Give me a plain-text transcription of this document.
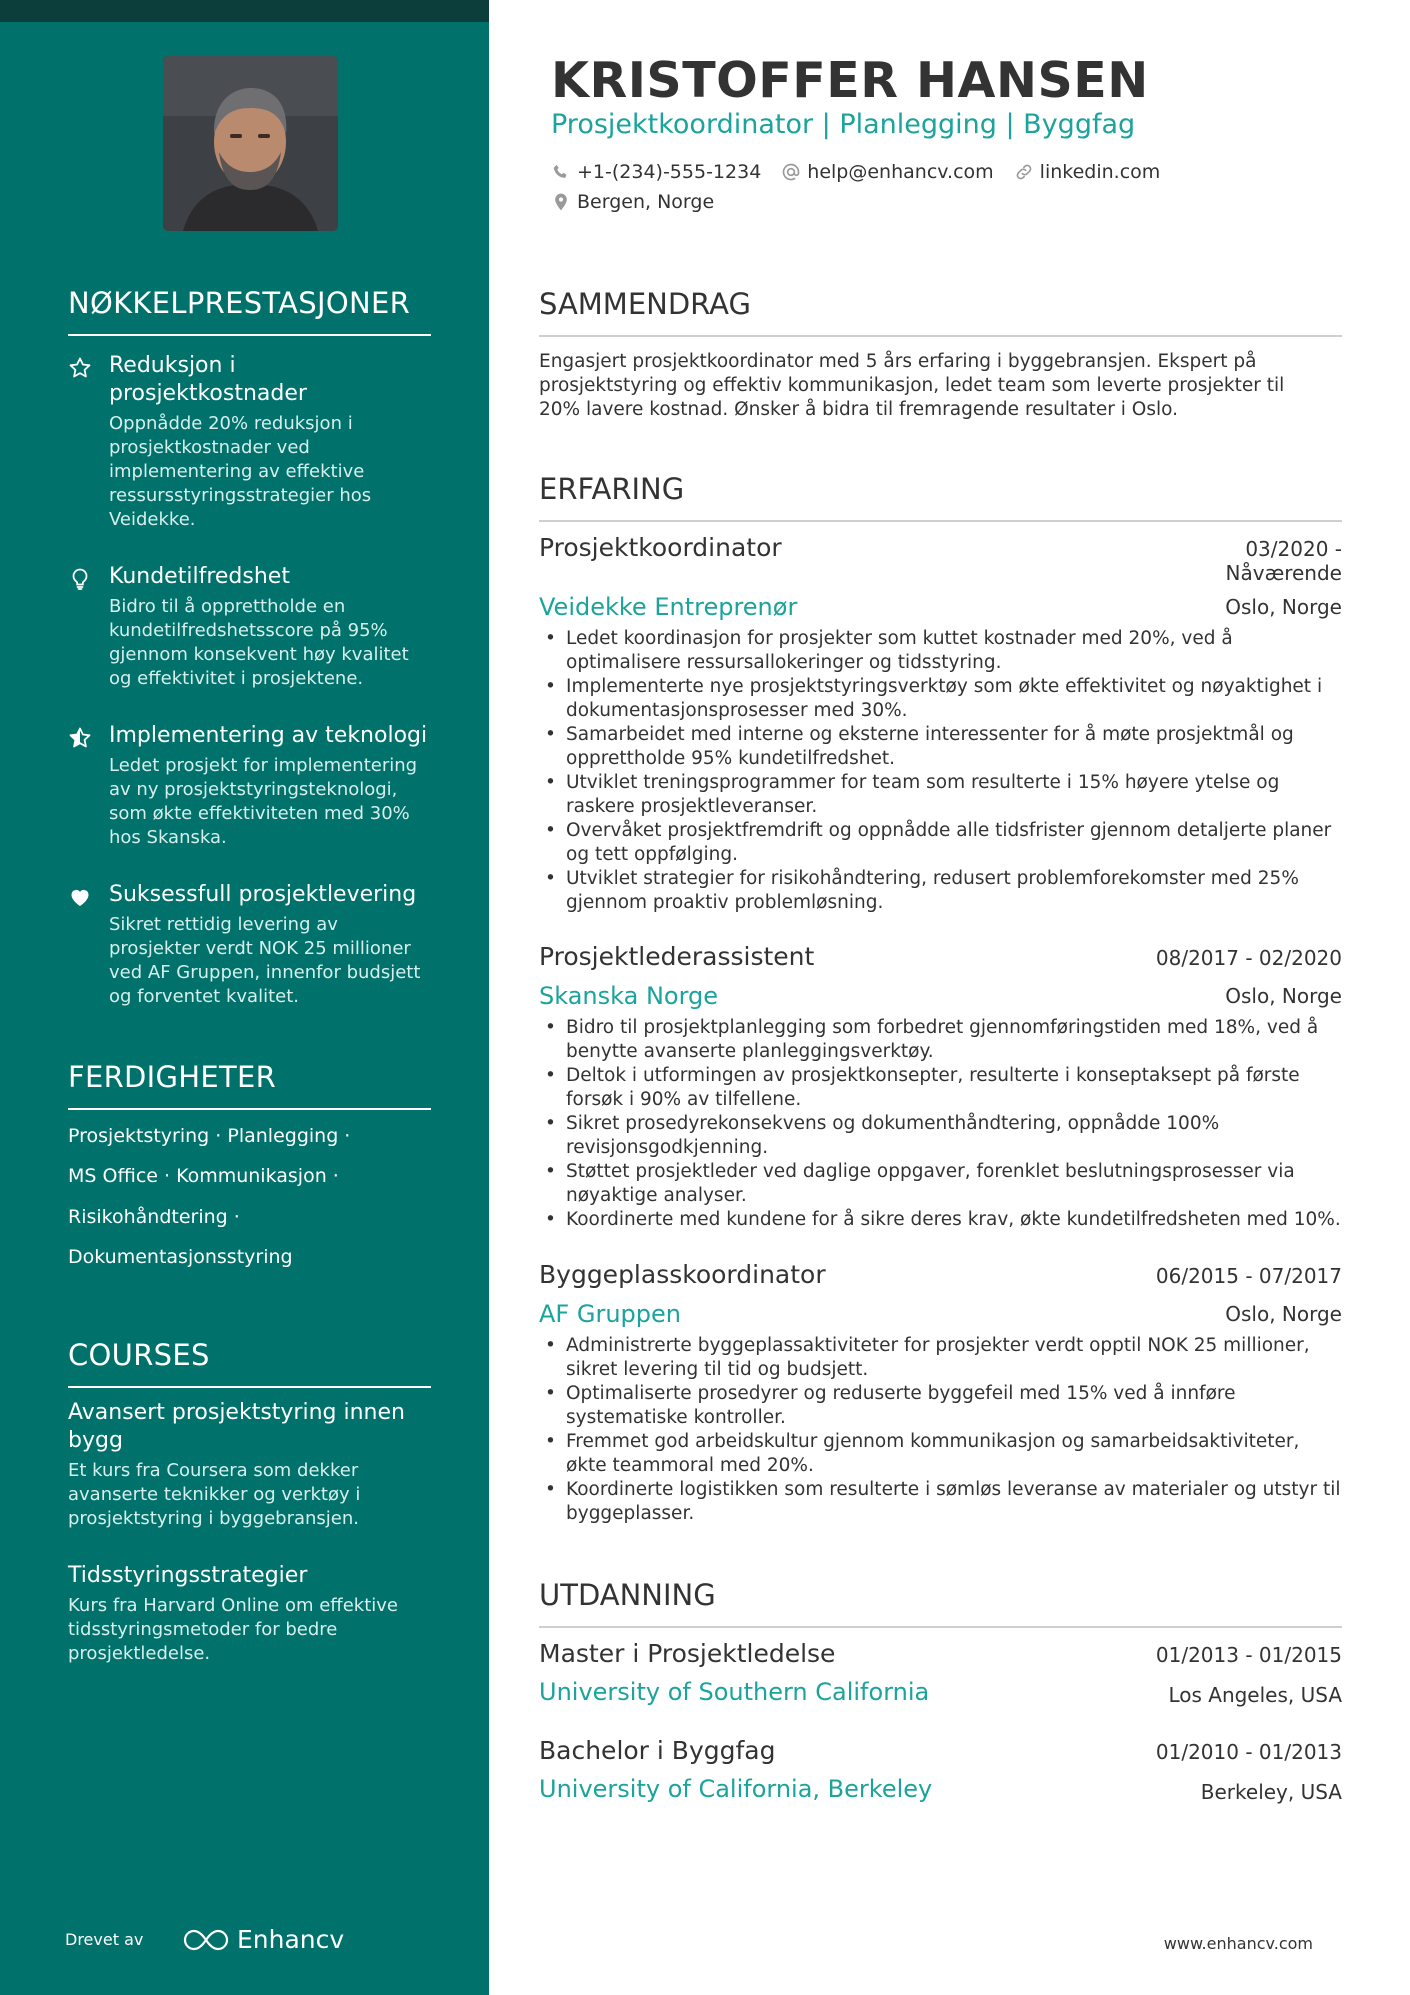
NØKKELPRESTASJONER
Reduksjon i prosjektkostnader
Oppnådde 20% reduksjon i prosjektkostnader ved implementering av effektive ressursstyringsstrategier hos Veidekke.
Kundetilfredshet
Bidro til å opprettholde en kundetilfredshetsscore på 95% gjennom konsekvent høy kvalitet og effektivitet i prosjektene.
Implementering av teknologi
Ledet prosjekt for implementering av ny prosjektstyringsteknologi, som økte effektiviteten med 30% hos Skanska.
Suksessfull prosjektlevering
Sikret rettidig levering av prosjekter verdt NOK 25 millioner ved AF Gruppen, innenfor budsjett og forventet kvalitet.
FERDIGHETER
Prosjektstyring · Planlegging ·
MS Office · Kommunikasjon ·
Risikohåndtering ·
Dokumentasjonsstyring
COURSES
Avansert prosjektstyring innen bygg
Et kurs fra Coursera som dekker avanserte teknikker og verktøy i prosjektstyring i byggebransjen.
Tidsstyringsstrategier
Kurs fra Harvard Online om effektive tidsstyringsmetoder for bedre prosjektledelse.
Drevet av	Enhancv
KRISTOFFER HANSEN
Prosjektkoordinator | Planlegging | Byggfag
+1-(234)-555-1234 help@enhancv.com linkedin.com
Bergen, Norge
SAMMENDRAG
Engasjert prosjektkoordinator med 5 års erfaring i byggebransjen. Ekspert på prosjektstyring og effektiv kommunikasjon, ledet team som leverte prosjekter til 20% lavere kostnad. Ønsker å bidra til fremragende resultater i Oslo.
ERFARING
Prosjektkoordinator	03/2020 -
Nåværende
Veidekke Entreprenør	Oslo, Norge
• Ledet koordinasjon for prosjekter som kuttet kostnader med 20%, ved å optimalisere ressursallokeringer og tidsstyring.
• Implementerte nye prosjektstyringsverktøy som økte effektivitet og nøyaktighet i dokumentasjonsprosesser med 30%.
• Samarbeidet med interne og eksterne interessenter for å møte prosjektmål og opprettholde 95% kundetilfredshet.
• Utviklet treningsprogrammer for team som resulterte i 15% høyere ytelse og raskere prosjektleveranser.
• Overvåket prosjektfremdrift og oppnådde alle tidsfrister gjennom detaljerte planer og tett oppfølging.
• Utviklet strategier for risikohåndtering, redusert problemforekomster med 25% gjennom proaktiv problemløsning.
Prosjektlederassistent	08/2017 - 02/2020
Skanska Norge	Oslo, Norge
• Bidro til prosjektplanlegging som forbedret gjennomføringstiden med 18%, ved å benytte avanserte planleggingsverktøy.
• Deltok i utformingen av prosjektkonsepter, resulterte i konseptaksept på første forsøk i 90% av tilfellene.
• Sikret prosedyrekonsekvens og dokumenthåndtering, oppnådde 100% revisjonsgodkjenning.
• Støttet prosjektleder ved daglige oppgaver, forenklet beslutningsprosesser via nøyaktige analyser.
• Koordinerte med kundene for å sikre deres krav, økte kundetilfredsheten med 10%.
Byggeplasskoordinator	06/2015 - 07/2017
AF Gruppen	Oslo, Norge
• Administrerte byggeplassaktiviteter for prosjekter verdt opptil NOK 25 millioner, sikret levering til tid og budsjett.
• Optimaliserte prosedyrer og reduserte byggefeil med 15% ved å innføre systematiske kontroller.
• Fremmet god arbeidskultur gjennom kommunikasjon og samarbeidsaktiviteter, økte teammoral med 20%.
• Koordinerte logistikken som resulterte i sømløs leveranse av materialer og utstyr til byggeplasser.
UTDANNING
Master i Prosjektledelse	01/2013 - 01/2015
University of Southern California	Los Angeles, USA
Bachelor i Byggfag	01/2010 - 01/2013
University of California, Berkeley	Berkeley, USA
www.enhancv.com
